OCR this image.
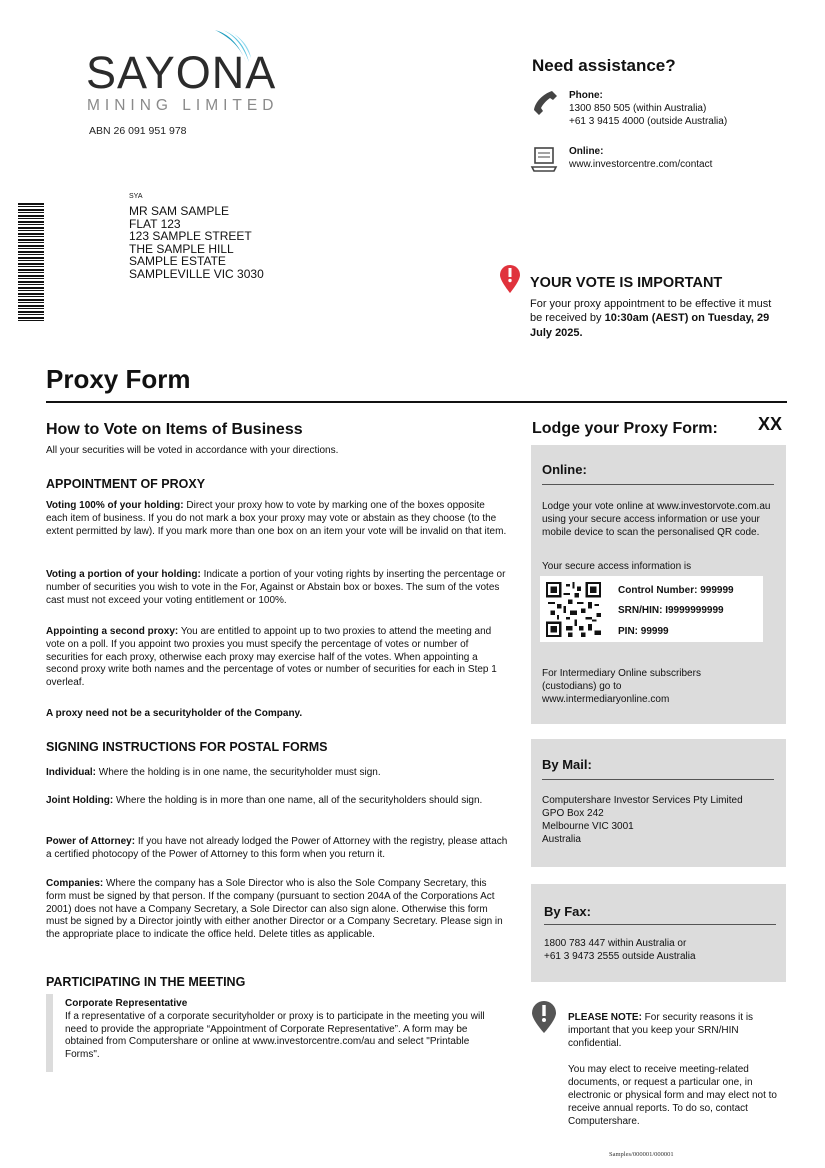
SAYONA
MINING LIMITED
ABN 26 091 951 978
Need assistance?
Phone:
1300 850 505 (within Australia)
+61 3 9415 4000 (outside Australia)
Online:
www.investorcentre.com/contact
SYA
MR SAM SAMPLE
FLAT 123
123 SAMPLE STREET
THE SAMPLE HILL
SAMPLE ESTATE
SAMPLEVILLE VIC 3030
YOUR VOTE IS IMPORTANT
For your proxy appointment to be effective it must be received by 10:30am (AEST) on Tuesday, 29 July 2025.
Proxy Form
How to Vote on Items of Business
All your securities will be voted in accordance with your directions.
APPOINTMENT OF PROXY
Voting 100% of your holding: Direct your proxy how to vote by marking one of the boxes opposite each item of business. If you do not mark a box your proxy may vote or abstain as they choose (to the extent permitted by law). If you mark more than one box on an item your vote will be invalid on that item.
Voting a portion of your holding: Indicate a portion of your voting rights by inserting the percentage or number of securities you wish to vote in the For, Against or Abstain box or boxes. The sum of the votes cast must not exceed your voting entitlement or 100%.
Appointing a second proxy: You are entitled to appoint up to two proxies to attend the meeting and vote on a poll. If you appoint two proxies you must specify the percentage of votes or number of securities for each proxy, otherwise each proxy may exercise half of the votes. When appointing a second proxy write both names and the percentage of votes or number of securities for each in Step 1 overleaf.
A proxy need not be a securityholder of the Company.
SIGNING INSTRUCTIONS FOR POSTAL FORMS
Individual: Where the holding is in one name, the securityholder must sign.
Joint Holding: Where the holding is in more than one name, all of the securityholders should sign.
Power of Attorney: If you have not already lodged the Power of Attorney with the registry, please attach a certified photocopy of the Power of Attorney to this form when you return it.
Companies: Where the company has a Sole Director who is also the Sole Company Secretary, this form must be signed by that person. If the company (pursuant to section 204A of the Corporations Act 2001) does not have a Company Secretary, a Sole Director can also sign alone. Otherwise this form must be signed by a Director jointly with either another Director or a Company Secretary. Please sign in the appropriate place to indicate the office held. Delete titles as applicable.
PARTICIPATING IN THE MEETING
Corporate Representative
If a representative of a corporate securityholder or proxy is to participate in the meeting you will need to provide the appropriate “Appointment of Corporate Representative”. A form may be obtained from Computershare or online at www.investorcentre.com/au and select "Printable Forms".
Lodge your Proxy Form: XX
Online:
Lodge your vote online at www.investorvote.com.au using your secure access information or use your mobile device to scan the personalised QR code.
Your secure access information is
Control Number: 999999
SRN/HIN: I9999999999
PIN: 99999
For Intermediary Online subscribers (custodians) go to www.intermediaryonline.com
By Mail:
Computershare Investor Services Pty Limited
GPO Box 242
Melbourne VIC 3001
Australia
By Fax:
1800 783 447 within Australia or
+61 3 9473 2555 outside Australia
PLEASE NOTE: For security reasons it is important that you keep your SRN/HIN confidential.
You may elect to receive meeting-related documents, or request a particular one, in electronic or physical form and may elect not to receive annual reports. To do so, contact Computershare.
Samples/000001/000001
